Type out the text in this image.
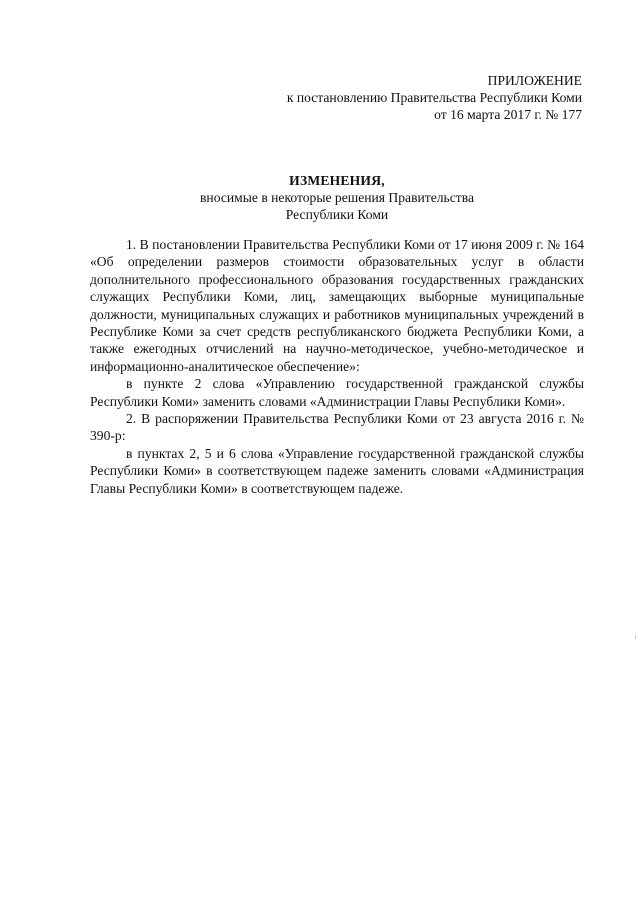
ПРИЛОЖЕНИЕ
к постановлению Правительства Республики Коми
от 16 марта 2017 г. № 177
ИЗМЕНЕНИЯ,
вносимые в некоторые решения Правительства
Республики Коми

1. В постановлении Правительства Республики Коми от 17 июня 2009 г. № 164 «Об определении размеров стоимости образовательных услуг в области дополнительного профессионального образования государственных гражданских служащих Республики Коми, лиц, замещающих выборные муниципальные должности, муниципальных служащих и работников муниципальных учреждений в Республике Коми за счет средств республиканского бюджета Республики Коми, а также ежегодных отчислений на научно-методическое, учебно-методическое и информационно-аналитическое обеспечение»:

в пункте 2 слова «Управлению государственной гражданской службы Республики Коми» заменить словами «Администрации Главы Республики Коми».

2. В распоряжении Правительства Республики Коми от 23 августа 2016 г. № 390-р:

в пунктах 2, 5 и 6 слова «Управление государственной гражданской службы Республики Коми» в соответствующем падеже заменить словами «Администрация Главы Республики Коми» в соответствующем падеже.
